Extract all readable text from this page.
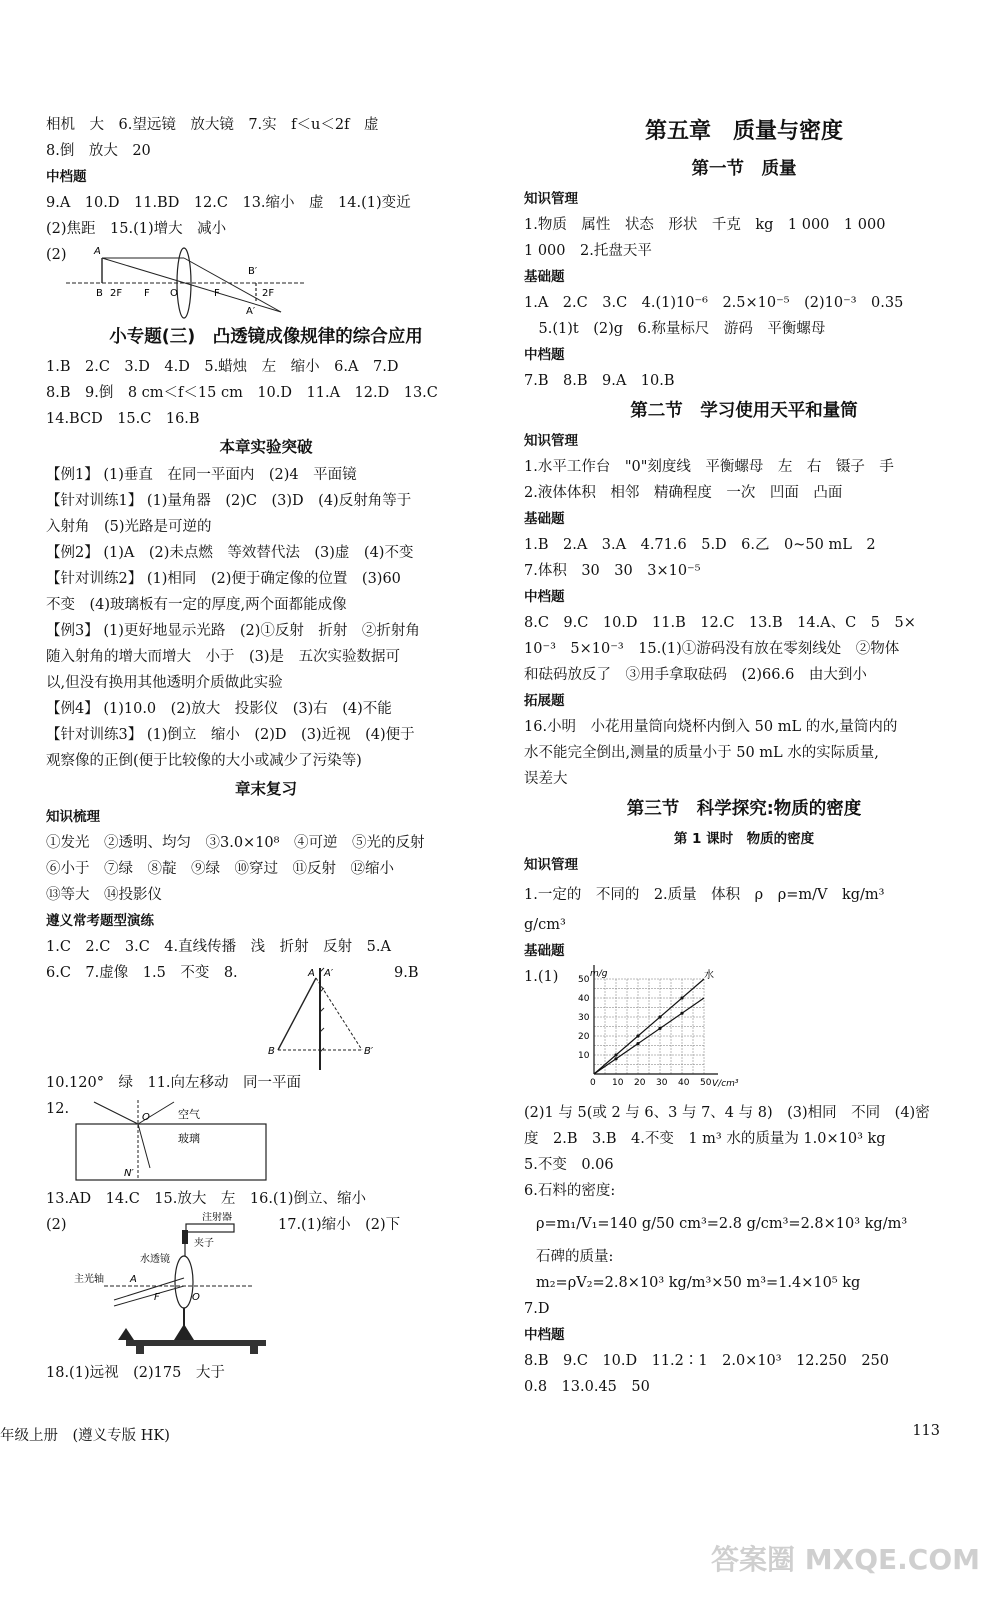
相机　大　6.望远镜　放大镜　7.实　f＜u＜2f　虚
8.倒　放大　20
中档题
9.A　10.D　11.BD　12.C　13.缩小　虚　14.(1)变近
(2)焦距　15.(1)增大　减小
(2)	A
B 2F F O	F
B′
2F
A′
小专题(三)　凸透镜成像规律的综合应用
1.B　2.C　3.D　4.D　5.蜡烛　左　缩小　6.A　7.D
8.B　9.倒　8 cm＜f＜15 cm　10.D　11.A　12.D　13.C
14.BCD　15.C　16.B
本章实验突破
【例1】 (1)垂直　在同一平面内　(2)4　平面镜
【针对训练1】 (1)量角器　(2)C　(3)D　(4)反射角等于
入射角　(5)光路是可逆的
【例2】 (1)A　(2)未点燃　等效替代法　(3)虚　(4)不变
【针对训练2】 (1)相同　(2)便于确定像的位置　(3)60
不变　(4)玻璃板有一定的厚度,两个面都能成像
【例3】 (1)更好地显示光路　(2)①反射　折射　②折射角
随入射角的增大而增大　小于　(3)是　五次实验数据可
以,但没有换用其他透明介质做此实验
【例4】 (1)10.0　(2)放大　投影仪　(3)右　(4)不能
【针对训练3】 (1)倒立　缩小　(2)D　(3)近视　(4)便于
观察像的正倒(便于比较像的大小或减少了污染等)
章末复习
知识梳理
①发光　②透明、均匀　③3.0×10⁸　④可逆　⑤光的反射
⑥小于　⑦绿　⑧靛　⑨绿　⑩穿过　⑪反射　⑫缩小
⑬等大　⑭投影仪
遵义常考题型演练
1.C　2.C　3.C　4.直线传播　浅　折射　反射　5.A
6.C　7.虚像　1.5　不变　8.	9.B
A A′
B	B′
10.120°　绿　11.向左移动　同一平面
12.
O	空气
玻璃
N′
13.AD　14.C　15.放大　左　16.(1)倒立、缩小
(2)	17.(1)缩小　(2)下
注射器
夹子
水透镜
主光轴	A
F	O
18.(1)远视　(2)175　大于
年级上册　(遵义专版 HK)
第五章　质量与密度
第一节　质量
知识管理
1.物质　属性　状态　形状　千克　kg　1 000　1 000
1 000　2.托盘天平
基础题
1.A　2.C　3.C　4.(1)10⁻⁶　2.5×10⁻⁵　(2)10⁻³　0.35
　5.(1)t　(2)g　6.称量标尺　游码　平衡螺母
中档题
7.B　8.B　9.A　10.B
第二节　学习使用天平和量筒
知识管理
1.水平工作台　"0"刻度线　平衡螺母　左　右　镊子　手
2.液体体积　相邻　精确程度　一次　凹面　凸面
基础题
1.B　2.A　3.A　4.71.6　5.D　6.乙　0~50 mL　2
7.体积　30　30　3×10⁻⁵
中档题
8.C　9.C　10.D　11.B　12.C　13.B　14.A、C　5　5×
10⁻³　5×10⁻³　15.(1)①游码没有放在零刻线处　②物体
和砝码放反了　③用手拿取砝码　(2)66.6　由大到小
拓展题
16.小明　小花用量筒向烧杯内倒入 50 mL 的水,量筒内的
水不能完全倒出,测量的质量小于 50 mL 水的实际质量,
误差大
第三节　科学探究:物质的密度
第 1 课时　物质的密度
知识管理
1.一定的　不同的　2.质量　体积　ρ　ρ=m/V　kg/m³
g/cm³
基础题
1.(1)
0 10 20 30 40 50
10
20
30
40
50
m/g
V/cm³
水
(2)1 与 5(或 2 与 6、3 与 7、4 与 8)　(3)相同　不同　(4)密
度　2.B　3.B　4.不变　1 m³ 水的质量为 1.0×10³ kg
5.不变　0.06
6.石料的密度:
ρ=m₁/V₁=140 g/50 cm³=2.8 g/cm³=2.8×10³ kg/m³
石碑的质量:
m₂=ρV₂=2.8×10³ kg/m³×50 m³=1.4×10⁵ kg
7.D
中档题
8.B　9.C　10.D　11.2∶1　2.0×10³　12.250　250
0.8　13.0.45　50
113
答案圈 MXQE.COM
